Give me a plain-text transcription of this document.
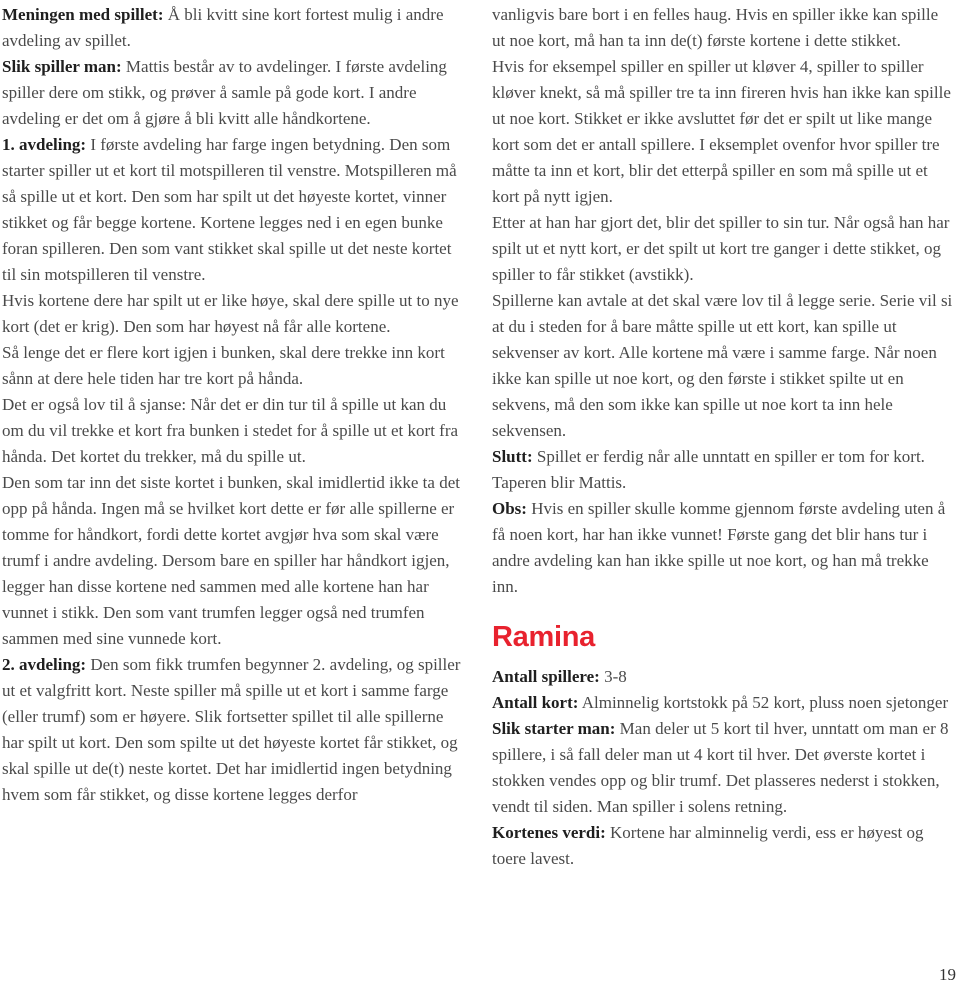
Meningen med spillet: Å bli kvitt sine kort fortest mulig i andre avdeling av spillet.

Slik spiller man: Mattis består av to avdelinger. I første avdeling spiller dere om stikk, og prøver å samle på gode kort. I andre avdeling er det om å gjøre å bli kvitt alle håndkortene.

1. avdeling: I første avdeling har farge ingen betydning. Den som starter spiller ut et kort til motspilleren til venstre. Motspilleren må så spille ut et kort. Den som har spilt ut det høyeste kortet, vinner stikket og får begge kortene. Kortene legges ned i en egen bunke foran spilleren. Den som vant stikket skal spille ut det neste kortet til sin motspilleren til venstre.

Hvis kortene dere har spilt ut er like høye, skal dere spille ut to nye kort (det er krig). Den som har høyest nå får alle kortene.

Så lenge det er flere kort igjen i bunken, skal dere trekke inn kort sånn at dere hele tiden har tre kort på hånda.

Det er også lov til å sjanse: Når det er din tur til å spille ut kan du om du vil trekke et kort fra bunken i stedet for å spille ut et kort fra hånda. Det kortet du trekker, må du spille ut.

Den som tar inn det siste kortet i bunken, skal imidlertid ikke ta det opp på hånda. Ingen må se hvilket kort dette er før alle spillerne er tomme for håndkort, fordi dette kortet avgjør hva som skal være trumf i andre avdeling. Dersom bare en spiller har håndkort igjen, legger han disse kortene ned sammen med alle kortene han har vunnet i stikk. Den som vant trumfen legger også ned trumfen sammen med sine vunnede kort.

2. avdeling: Den som fikk trumfen begynner 2. avdeling, og spiller ut et valgfritt kort. Neste spiller må spille ut et kort i samme farge (eller trumf) som er høyere. Slik fortsetter spillet til alle spillerne har spilt ut kort. Den som spilte ut det høyeste kortet får stikket, og skal spille ut de(t) neste kortet. Det har imidlertid ingen betydning hvem som får stikket, og disse kortene legges derfor

vanligvis bare bort i en felles haug. Hvis en spiller ikke kan spille ut noe kort, må han ta inn de(t) første kortene i dette stikket.

Hvis for eksempel spiller en spiller ut kløver 4, spiller to spiller kløver knekt, så må spiller tre ta inn fireren hvis han ikke kan spille ut noe kort. Stikket er ikke avsluttet før det er spilt ut like mange kort som det er antall spillere. I eksemplet ovenfor hvor spiller tre måtte ta inn et kort, blir det etterpå spiller en som må spille ut et kort på nytt igjen.

Etter at han har gjort det, blir det spiller to sin tur. Når også han har spilt ut et nytt kort, er det spilt ut kort tre ganger i dette stikket, og spiller to får stikket (avstikk).

Spillerne kan avtale at det skal være lov til å legge serie. Serie vil si at du i steden for å bare måtte spille ut ett kort, kan spille ut sekvenser av kort. Alle kortene må være i samme farge. Når noen ikke kan spille ut noe kort, og den første i stikket spilte ut en sekvens, må den som ikke kan spille ut noe kort ta inn hele sekvensen.

Slutt: Spillet er ferdig når alle unntatt en spiller er tom for kort. Taperen blir Mattis.

Obs: Hvis en spiller skulle komme gjennom første avdeling uten å få noen kort, har han ikke vunnet! Første gang det blir hans tur i andre avdeling kan han ikke spille ut noe kort, og han må trekke inn.

Ramina

Antall spillere: 3-8

Antall kort: Alminnelig kortstokk på 52 kort, pluss noen sjetonger

Slik starter man: Man deler ut 5 kort til hver, unntatt om man er 8 spillere, i så fall deler man ut 4 kort til hver. Det øverste kortet i stokken vendes opp og blir trumf. Det plasseres nederst i stokken, vendt til siden. Man spiller i solens retning.

Kortenes verdi: Kortene har alminnelig verdi, ess er høyest og toere lavest.

19
